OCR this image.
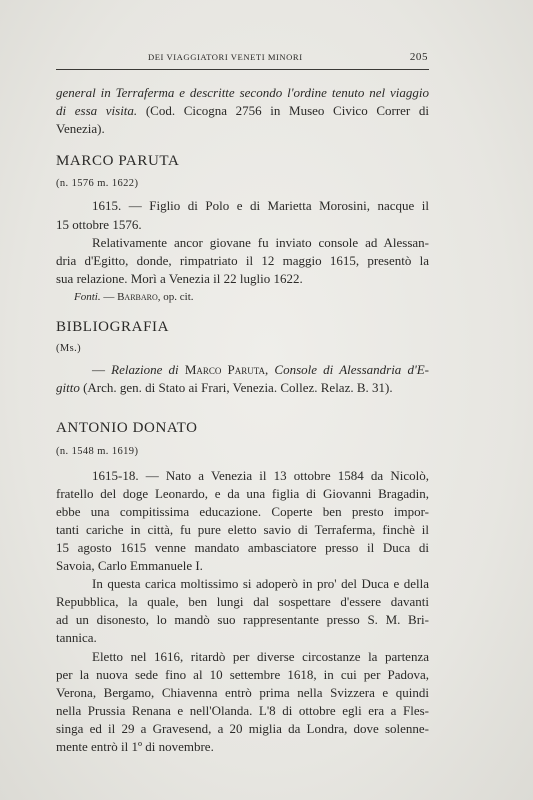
DEI VIAGGIATORI VENETI MINORI	205
general in Terraferma e descritte secondo l'ordine tenuto nel viaggio
di essa visita. (Cod. Cicogna 2756 in Museo Civico Correr di
Venezia).

MARCO PARUTA

(n. 1576 m. 1622)

1615. — Figlio di Polo e di Marietta Morosini, nacque il
15 ottobre 1576.
Relativamente ancor giovane fu inviato console ad Alessan-
dria d'Egitto, donde, rimpatriato il 12 maggio 1615, presentò la
sua relazione. Morì a Venezia il 22 luglio 1622.

Fonti. — Barbaro, op. cit.

BIBLIOGRAFIA

(Ms.)

— Relazione di Marco Paruta, Console di Alessandria d'E-
gitto (Arch. gen. di Stato ai Frari, Venezia. Collez. Relaz. B. 31).

ANTONIO DONATO

(n. 1548 m. 1619)

1615-18. — Nato a Venezia il 13 ottobre 1584 da Nicolò,
fratello del doge Leonardo, e da una figlia di Giovanni Bragadin,
ebbe una compitissima educazione. Coperte ben presto impor-
tanti cariche in città, fu pure eletto savio di Terraferma, finchè il
15 agosto 1615 venne mandato ambasciatore presso il Duca di
Savoia, Carlo Emmanuele I.
In questa carica moltissimo si adoperò in pro' del Duca e della
Repubblica, la quale, ben lungi dal sospettare d'essere davanti
ad un disonesto, lo mandò suo rappresentante presso S. M. Bri-
tannica.
Eletto nel 1616, ritardò per diverse circostanze la partenza
per la nuova sede fino al 10 settembre 1618, in cui per Padova,
Verona, Bergamo, Chiavenna entrò prima nella Svizzera e quindi
nella Prussia Renana e nell'Olanda. L'8 di ottobre egli era a Fles-
singa ed il 29 a Gravesend, a 20 miglia da Londra, dove solenne-
mente entrò il 1º di novembre.
